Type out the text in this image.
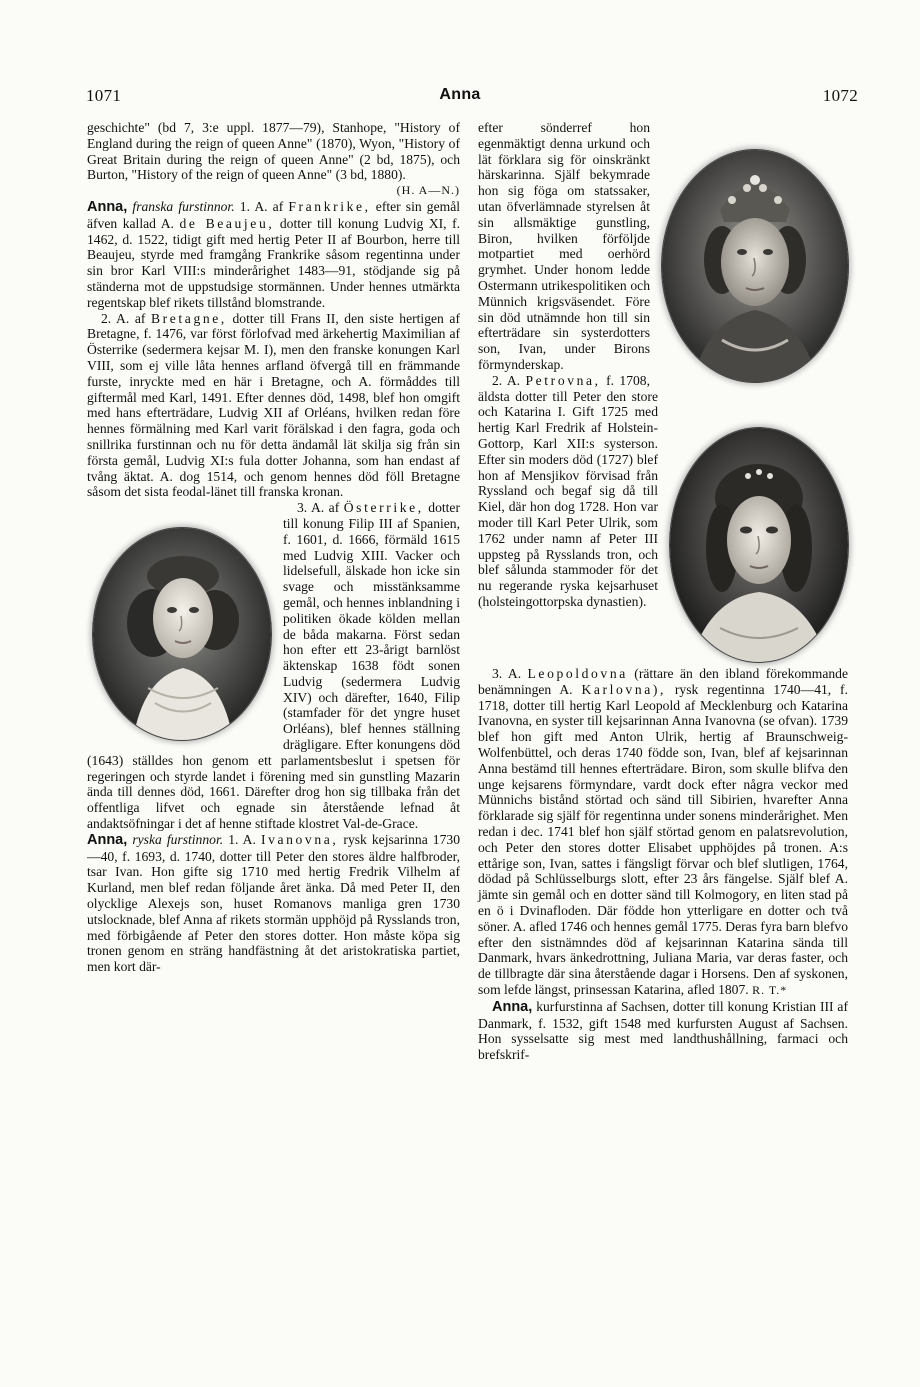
1071	Anna	1072

geschichte" (bd 7, 3:e uppl. 1877—79), Stanhope, "History of England during the reign of queen Anne" (1870), Wyon, "History of Great Britain during the reign of queen Anne" (2 bd, 1875), och Burton, "History of the reign of queen Anne" (3 bd, 1880).
(H. A—N.)

Anna, franska furstinnor. 1. A. af Frankrike, efter sin gemål äfven kallad A. de Beaujeu, dotter till konung Ludvig XI, f. 1462, d. 1522, tidigt gift med hertig Peter II af Bourbon, herre till Beaujeu, styrde med framgång Frankrike såsom regentinna under sin bror Karl VIII:s minderårighet 1483—91, stödjande sig på ständerna mot de uppstudsige stormännen. Under hennes utmärkta regentskap blef rikets tillstånd blomstrande.

2. A. af Bretagne, dotter till Frans II, den siste hertigen af Bretagne, f. 1476, var först förlofvad med ärkehertig Maximilian af Österrike (sedermera kejsar M. I), men den franske konungen Karl VIII, som ej ville låta hennes arfland öfvergå till en främmande furste, inryckte med en här i Bretagne, och A. förmåddes till giftermål med Karl, 1491. Efter dennes död, 1498, blef hon omgift med hans efterträdare, Ludvig XII af Orléans, hvilken redan före hennes förmälning med Karl varit förälskad i den fagra, goda och snillrika furstinnan och nu för detta ändamål lät skilja sig från sin första gemål, Ludvig XI:s fula dotter Johanna, som han endast af tvång äktat. A. dog 1514, och genom hennes död föll Bretagne såsom det sista feodal-länet till franska kronan.

3. A. af Österrike, dotter till konung Filip III af Spanien, f. 1601, d. 1666, förmäld 1615 med Ludvig XIII. Vacker och lidelsefull, älskade hon icke sin svage och misstänksamme gemål, och hennes inblandning i politiken ökade kölden mellan de båda makarna. Först sedan hon efter ett 23-årigt barnlöst äktenskap 1638 födt sonen Ludvig (sedermera Ludvig XIV) och därefter, 1640, Filip (stamfader för det yngre huset Orléans), blef hennes ställning drägligare. Efter konungens död (1643) ställdes hon genom ett parlamentsbeslut i spetsen för regeringen och styrde landet i förening med sin gunstling Mazarin ända till dennes död, 1661. Därefter drog hon sig tillbaka från det offentliga lifvet och egnade sin återstående lefnad åt andaktsöfningar i det af henne stiftade klostret Val-de-Grace.

Anna, ryska furstinnor. 1. A. Ivanovna, rysk kejsarinna 1730—40, f. 1693, d. 1740, dotter till Peter den stores äldre halfbroder, tsar Ivan. Hon gifte sig 1710 med hertig Fredrik Vilhelm af Kurland, men blef redan följande året änka. Då med Peter II, den olycklige Alexejs son, huset Romanovs manliga gren 1730 utslocknade, blef Anna af rikets stormän upphöjd på Rysslands tron, med förbigående af Peter den stores dotter. Hon måste köpa sig tronen genom en sträng handfästning åt det aristokratiska partiet, men kort där-

efter sönderref hon egenmäktigt denna urkund och lät förklara sig för oinskränkt härskarinna. Själf bekymrade hon sig föga om statssaker, utan öfverlämnade styrelsen åt sin allsmäktige gunstling, Biron, hvilken förföljde motpartiet med oerhörd grymhet. Under honom ledde Ostermann utrikespolitiken och Münnich krigsväsendet. Före sin död utnämnde hon till sin efterträdare sin systerdotters son, Ivan, under Birons förmynderskap.

2. A. Petrovna, f. 1708, äldsta dotter till Peter den store och Katarina I. Gift 1725 med hertig Karl Fredrik af Holstein-Gottorp, Karl XII:s systerson. Efter sin moders död (1727) blef hon af Mensjikov förvisad från Ryssland och begaf sig då till Kiel, där hon dog 1728. Hon var moder till Karl Peter Ulrik, som 1762 under namn af Peter III uppsteg på Rysslands tron, och blef sålunda stammoder för det nu regerande ryska kejsarhuset (holsteingottorpska dynastien).

3. A. Leopoldovna (rättare än den ibland förekommande benämningen A. Karlovna), rysk regentinna 1740—41, f. 1718, dotter till hertig Karl Leopold af Mecklenburg och Katarina Ivanovna, en syster till kejsarinnan Anna Ivanovna (se ofvan). 1739 blef hon gift med Anton Ulrik, hertig af Braunschweig-Wolfenbüttel, och deras 1740 födde son, Ivan, blef af kejsarinnan Anna bestämd till hennes efterträdare. Biron, som skulle blifva den unge kejsarens förmyndare, vardt dock efter några veckor med Münnichs bistånd störtad och sänd till Sibirien, hvarefter Anna förklarade sig själf för regentinna under sonens minderårighet. Men redan i dec. 1741 blef hon själf störtad genom en palatsrevolution, och Peter den stores dotter Elisabet upphöjdes på tronen. A:s ettårige son, Ivan, sattes i fängsligt förvar och blef slutligen, 1764, dödad på Schlüsselburgs slott, efter 23 års fängelse. Själf blef A. jämte sin gemål och en dotter sänd till Kolmogory, en liten stad på en ö i Dvinafloden. Där födde hon ytterligare en dotter och två söner. A. afled 1746 och hennes gemål 1775. Deras fyra barn blefvo efter den sistnämndes död af kejsarinnan Katarina sända till Danmark, hvars änkedrottning, Juliana Maria, var deras faster, och de tillbragte där sina återstående dagar i Horsens. Den af syskonen, som lefde längst, prinsessan Katarina, afled 1807. R. T.*

Anna, kurfurstinna af Sachsen, dotter till konung Kristian III af Danmark, f. 1532, gift 1548 med kurfursten August af Sachsen. Hon sysselsatte sig mest med landthushållning, farmaci och brefskrif-
